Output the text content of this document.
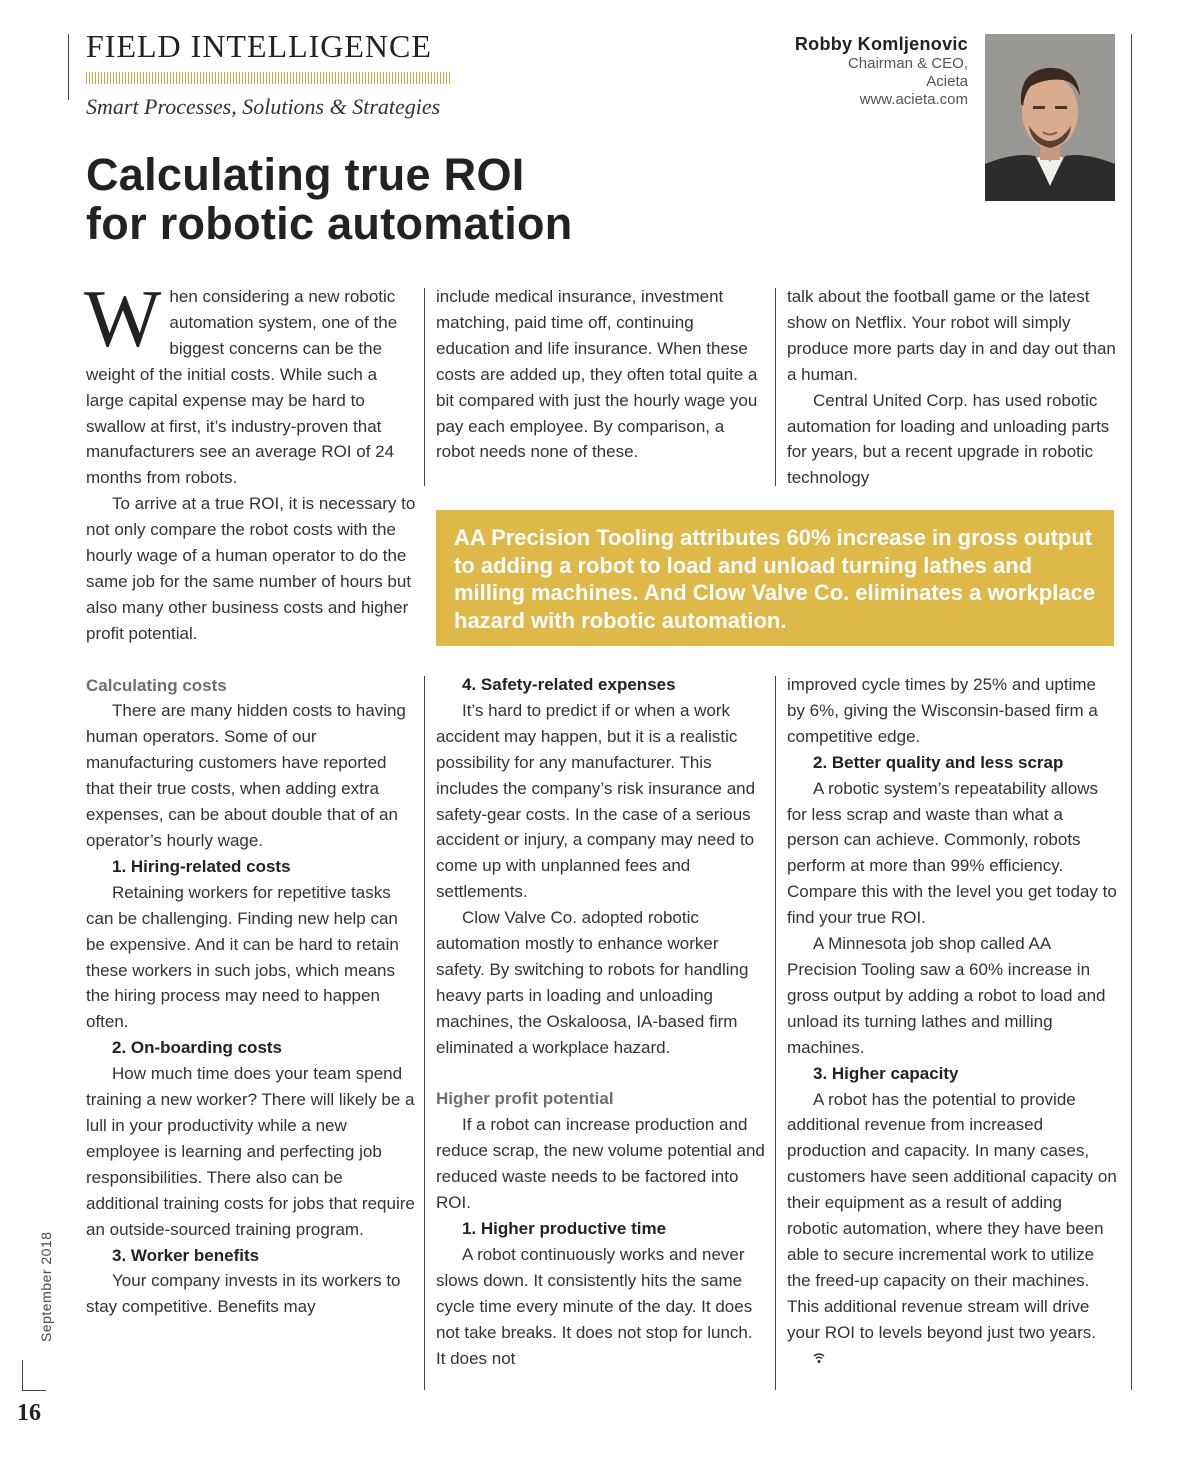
FIELD INTELLIGENCE
Smart Processes, Solutions & Strategies
Robby Komljenovic
Chairman & CEO,
Acieta
www.acieta.com
Calculating true ROI
for robotic automation

When considering a new robotic automation system, one of the biggest concerns can be the weight of the initial costs. While such a large capital expense may be hard to swallow at first, it’s industry-proven that manufacturers see an average ROI of 24 months from robots.

To arrive at a true ROI, it is necessary to not only compare the robot costs with the hourly wage of a human operator to do the same job for the same number of hours but also many other business costs and higher profit potential.

Calculating costs

There are many hidden costs to having human operators. Some of our manufacturing customers have reported that their true costs, when adding extra expenses, can be about double that of an operator’s hourly wage.

1. Hiring-related costs

Retaining workers for repetitive tasks can be challenging. Finding new help can be expensive. And it can be hard to retain these workers in such jobs, which means the hiring process may need to happen often.

2. On-boarding costs

How much time does your team spend training a new worker? There will likely be a lull in your productivity while a new employee is learning and perfecting job responsibilities. There also can be additional training costs for jobs that require an outside-sourced training program.

3. Worker benefits

Your company invests in its workers to stay competitive. Benefits may

include medical insurance, investment matching, paid time off, continuing education and life insurance. When these costs are added up, they often total quite a bit compared with just the hourly wage you pay each employee. By comparison, a robot needs none of these.

talk about the football game or the latest show on Netflix. Your robot will simply produce more parts day in and day out than a human.

Central United Corp. has used robotic automation for loading and unloading parts for years, but a recent upgrade in robotic technology

AA Precision Tooling attributes 60% increase in gross output to adding a robot to load and unload turning lathes and milling machines. And Clow Valve Co. eliminates a workplace hazard with robotic automation.

4. Safety-related expenses

It’s hard to predict if or when a work accident may happen, but it is a realistic possibility for any manufacturer. This includes the company’s risk insurance and safety-gear costs. In the case of a serious accident or injury, a company may need to come up with unplanned fees and settlements.

Clow Valve Co. adopted robotic automation mostly to enhance worker safety. By switching to robots for handling heavy parts in loading and unloading machines, the Oskaloosa, IA-based firm eliminated a workplace hazard.

Higher profit potential

If a robot can increase production and reduce scrap, the new volume potential and reduced waste needs to be factored into ROI.

1. Higher productive time

A robot continuously works and never slows down. It consistently hits the same cycle time every minute of the day. It does not take breaks. It does not stop for lunch. It does not

improved cycle times by 25% and uptime by 6%, giving the Wisconsin-based firm a competitive edge.

2. Better quality and less scrap

A robotic system’s repeatability allows for less scrap and waste than what a person can achieve. Commonly, robots perform at more than 99% efficiency. Compare this with the level you get today to find your true ROI.

A Minnesota job shop called AA Precision Tooling saw a 60% increase in gross output by adding a robot to load and unload its turning lathes and milling machines.

3. Higher capacity

A robot has the potential to provide additional revenue from increased production and capacity. In many cases, customers have seen additional capacity on their equipment as a result of adding robotic automation, where they have been able to secure incremental work to utilize the freed-up capacity on their machines. This additional revenue stream will drive your ROI to levels beyond just two years.

September 2018
16
